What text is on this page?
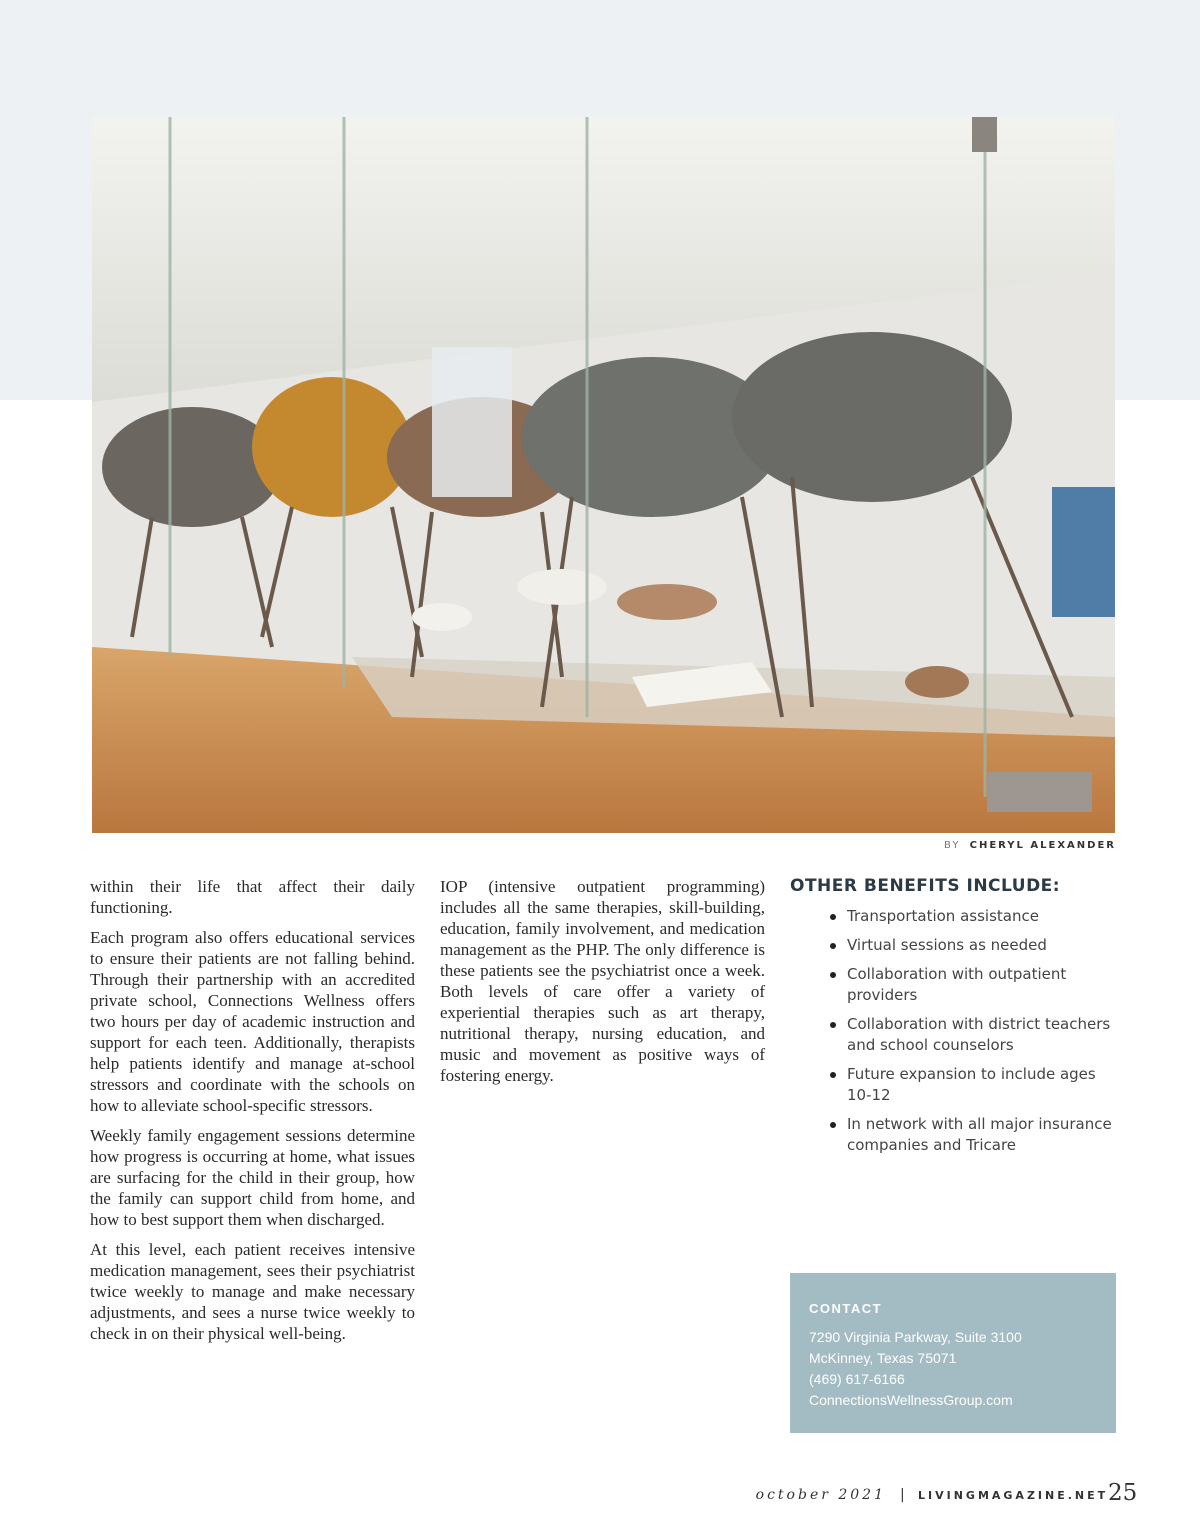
BY CHERYL ALEXANDER

within their life that affect their daily functioning.

Each program also offers educational services to ensure their patients are not falling behind. Through their partnership with an accredited private school, Connections Wellness offers two hours per day of academic instruction and support for each teen. Additionally, therapists help patients identify and manage at-school stressors and coordinate with the schools on how to alleviate school-specific stressors.

Weekly family engagement sessions determine how progress is occurring at home, what issues are surfacing for the child in their group, how the family can support child from home, and how to best support them when discharged.

At this level, each patient receives intensive medication management, sees their psychiatrist twice weekly to manage and make necessary adjustments, and sees a nurse twice weekly to check in on their physical well-being.

IOP (intensive outpatient programming) includes all the same therapies, skill-building, education, family involvement, and medication management as the PHP. The only difference is these patients see the psychiatrist once a week. Both levels of care offer a variety of experiential therapies such as art therapy, nutritional therapy, nursing education, and music and movement as positive ways of fostering energy.

OTHER BENEFITS INCLUDE:
Transportation assistance
Virtual sessions as needed
Collaboration with outpatient providers
Collaboration with district teachers and school counselors
Future expansion to include ages 10-12
In network with all major insurance companies and Tricare
CONTACT
7290 Virginia Parkway, Suite 3100
McKinney, Texas 75071
(469) 617-6166
ConnectionsWellnessGroup.com
october 2021 | LIVINGMAGAZINE.NET 25
